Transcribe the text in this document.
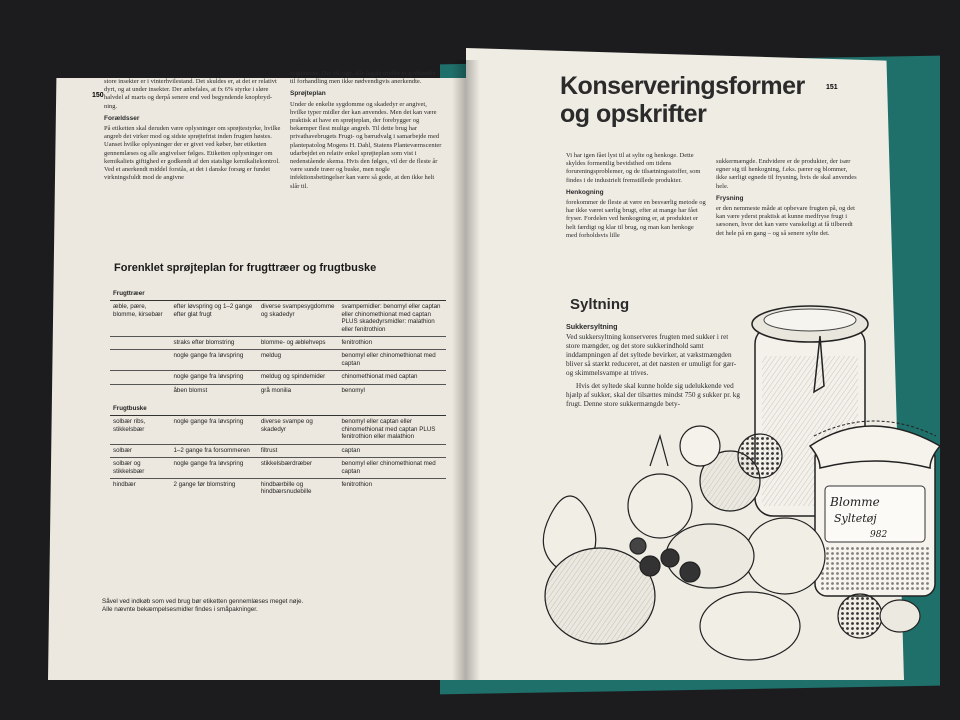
150

store insekter er i vinterhvilestand. Det skuldes er, at det er relativt dyrt, og at under insekter. Der anbefales, at fx 6% styrke i sløre halvdel af marts og derpå senere end ved begyndende knopbryd-ning.

Forældsser

På etiketten skal deruden være oplysninger om sprøjtestyrke, hvilke angreb det virker mod og sidste sprøjtefrist inden frugten høstes. Uanset hvilke oplysninger der er givet ved køber, bør etiketten gennemlæses og alle angivelser følges. Etiketten oplysninger om kemikaliets giftighed er godkendt af den statslige kemikaliekontrol. Ved et anerkendt middel forstås, at det i danske forsøg er fundet virkningsfuldt mod de angivne

sygdomme. Det vil sige, alle lagale midler er godkendte til forhandling men ikke nødvendigvis anerkendte.

Sprøjteplan

Under de enkelte sygdomme og skadedyr er angivet, hvilke typer midler der kan anvendes. Men det kan være praktisk at have en sprøjteplan, der forebygger og bekæmper flest mulige angreb. Til dette brug har privathavebrugets Frugt- og bærudvalg i samarbejde med plantepatolog Mogens H. Dahl, Statens Planteværnscenter udarbejdet en relativ enkel sprøjteplan som vist i nedenstående skema. Hvis den følges, vil der de fleste år være sunde træer og buske, men nogle infektionsbetingelser kan være så gode, at den ikke helt slår til.

Forenklet sprøjteplan for frugttræer og frugtbuske
Frugttræer			
æble, pære, blomme, kirsebær	efter løvspring og 1–2 gange efter glat frugt	diverse svampesygdomme og skadedyr	svampemidler: benomyl eller captan eller chinomethionat med captan PLUS skadedyrsmidler: malathion eller fenitrothion
	straks efter blomstring	blomme- og æblehveps	fenitrothion
	nogle gange fra løvspring	meldug	benomyl eller chinomethionat med captan
	nogle gange fra løvspring	meldug og spindemider	chinomethionat med captan
	åben blomst	grå monilia	benomyl
Frugtbuske			
solbær ribs, stikkelsbær	nogle gange fra løvspring	diverse svampe og skadedyr	benomyl eller captan eller chinomethionat med captan PLUS fenitrothion eller malathion
solbær	1–2 gange fra forsommeren	filtrust	captan
solbær og stikkelsbær	nogle gange fra løvspring	stikkelsbærdræber	benomyl eller chinomethionat med captan
hindbær	2 gange før blomstring	hindbærbille og hindbærsnudebille	fenitrothion
Såvel ved indkøb som ved brug bør etiketten gennemlæses meget nøje.
Alle nævnte bekæmpelsesmidler findes i småpakninger.
151
Konserveringsformer
og opskrifter

Vi har igen fået lyst til at sylte og henkoge. Dette skyldes formentlig bevidsthed om tidens forureningsproblemer, og de tilsætningsstoffer, som findes i de industrielt fremstillede produkter.

Henkogning

forekommer de fleste at være en besværlig metode og har ikke været særlig brugt, efter at mange har fået fryser. Fordelen ved henkogning er, at produktet er helt færdigt og klar til brug, og man kan henkoge med forholdsvis lille

sukkermængde. Endvidere er de produkter, der især egner sig til henkogning, f.eks. pærer og blommer, ikke særligt egnede til frysning, hvis de skal anvendes hele.

Frysning

er den nemmeste måde at opbevare frugten på, og det kan være yderst praktisk at kunne medfryse frugt i sæsonen, hvor det kan være vanskeligt at få tilberedt det hele på en gang – og så senere sylte det.

Syltning
Sukkersyltning

Ved sukkersyltning konserveres frugten med sukker i ret store mængder, og det store sukkerindhold samt inddampningen af det syltede bevirker, at vækstmængden bliver så stærkt reduceret, at det næsten er umuligt for gær- og skimmelsvampe at trives.

Hvis det syltede skal kunne holde sig udelukkende ved hjælp af sukker, skal der tilsættes mindst 750 g sukker pr. kg frugt. Denne store sukkermængde bety-

Blomme
Syltetøj
982
